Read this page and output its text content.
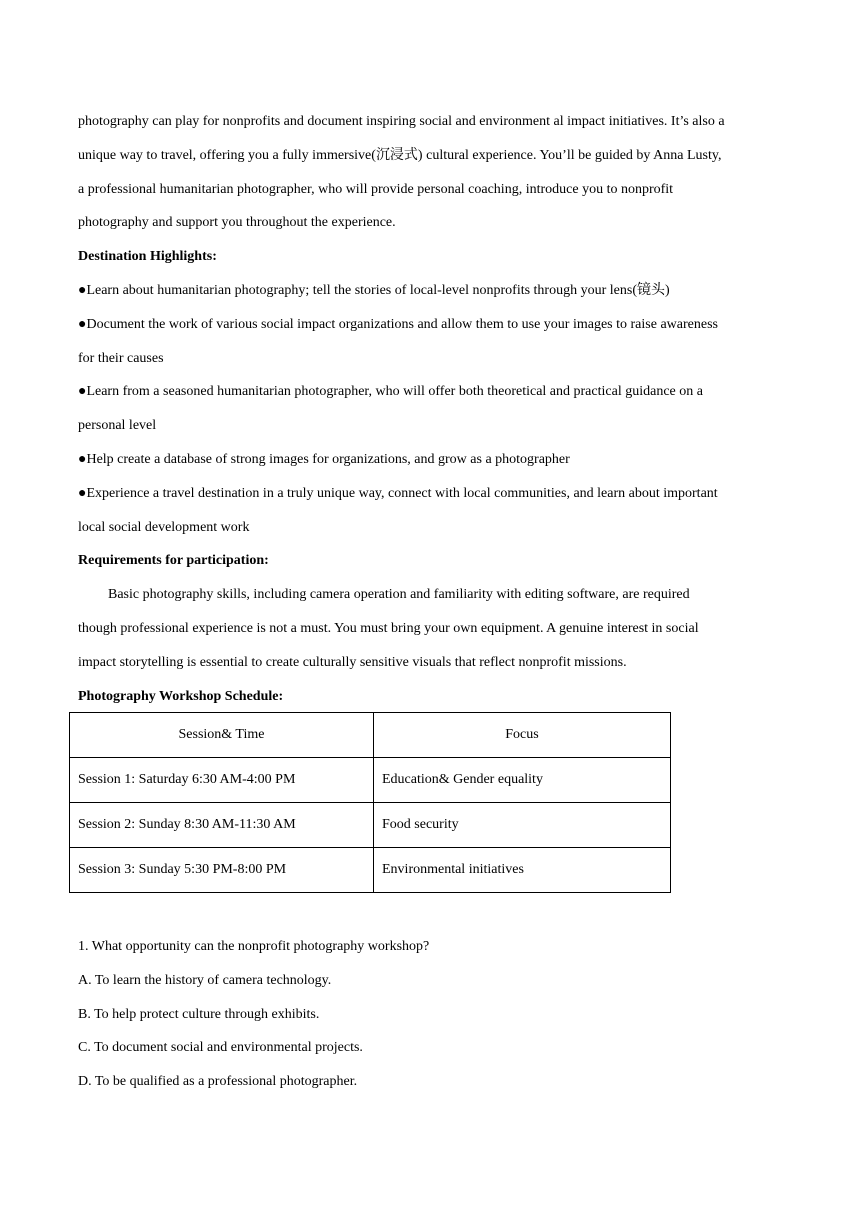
photography can play for nonprofits and document inspiring social and environment al impact initiatives. It’s also a
unique way to travel, offering you a fully immersive(沉浸式) cultural experience. You’ll be guided by Anna Lusty,
a professional humanitarian photographer, who will provide personal coaching, introduce you to nonprofit
photography and support you throughout the experience.
Destination Highlights:
●Learn about humanitarian photography; tell the stories of local-level nonprofits through your lens(镜头)
●Document the work of various social impact organizations and allow them to use your images to raise awareness
for their causes
●Learn from a seasoned humanitarian photographer, who will offer both theoretical and practical guidance on a
personal level
●Help create a database of strong images for organizations, and grow as a photographer
●Experience a travel destination in a truly unique way, connect with local communities, and learn about important
local social development work
Requirements for participation:
Basic photography skills, including camera operation and familiarity with editing software, are required
though professional experience is not a must. You must bring your own equipment. A genuine interest in social
impact storytelling is essential to create culturally sensitive visuals that reflect nonprofit missions.
Photography Workshop Schedule:
Session& Time	Focus
Session 1: Saturday 6:30 AM-4:00 PM	Education& Gender equality
Session 2: Sunday 8:30 AM-11:30 AM	Food security
Session 3: Sunday 5:30 PM-8:00 PM	Environmental initiatives
1. What opportunity can the nonprofit photography workshop?
A. To learn the history of camera technology.
B. To help protect culture through exhibits.
C. To document social and environmental projects.
D. To be qualified as a professional photographer.
